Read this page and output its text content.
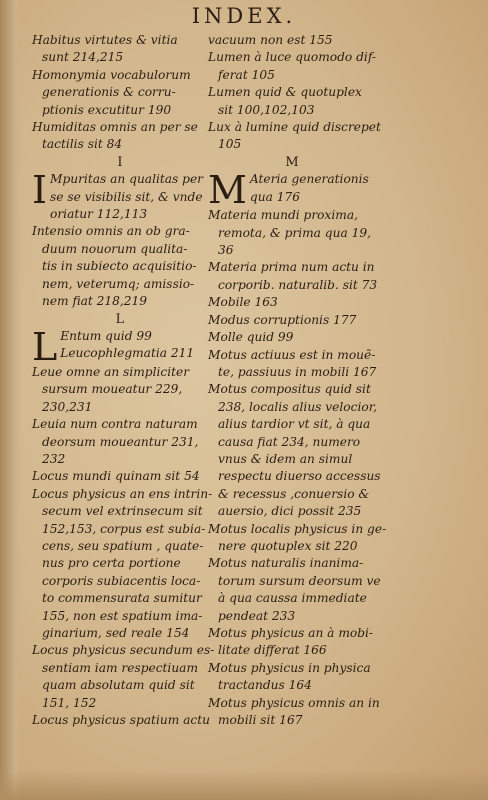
INDEX.
Habitus virtutes & vitia
sunt 214,215
Homonymia vocabulorum
generationis & corru-
ptionis excutitur 190
Humiditas omnis an per se
tactilis sit 84
I
I Mpuritas an qualitas per
se se visibilis sit, & vnde
oriatur 112,113
Intensio omnis an ob gra-
duum nouorum qualita-
tis in subiecto acquisitio-
nem, veterumq; amissio-
nem fiat 218,219
L
L Entum quid 99
Leucophlegmatia 211
Leue omne an simpliciter
sursum moueatur 229,
230,231
Leuia num contra naturam
deorsum moueantur 231,
232
Locus mundi quinam sit 54
Locus physicus an ens intrin-
secum vel extrinsecum sit
152,153, corpus est subia-
cens, seu spatium , quate-
nus pro certa portione
corporis subiacentis loca-
to commensurata sumitur
155, non est spatium ima-
ginarium, sed reale 154
Locus physicus secundum es-
sentiam iam respectiuam
quam absolutam quid sit
151, 152
Locus physicus spatium actu
vacuum non est 155
Lumen à luce quomodo dif-
ferat 105
Lumen quid & quotuplex
sit 100,102,103
Lux à lumine quid discrepet
105
M
M Ateria generationis
qua 176
Materia mundi proxima,
remota, & prima qua 19,
36
Materia prima num actu in
corporib. naturalib. sit 73
Mobile 163
Modus corruptionis 177
Molle quid 99
Motus actiuus est in mouẽ-
te, passiuus in mobili 167
Motus compositus quid sit
238, localis alius velocior,
alius tardior vt sit, à qua
causa fiat 234, numero
vnus & idem an simul
respectu diuerso accessus
& recessus ,conuersio &
auersio, dici possit 235
Motus localis physicus in ge-
nere quotuplex sit 220
Motus naturalis inanima-
torum sursum deorsum ve
à qua caussa immediate
pendeat 233
Motus physicus an à mobi-
litate differat 166
Motus physicus in physica
tractandus 164
Motus physicus omnis an in
mobili sit 167
